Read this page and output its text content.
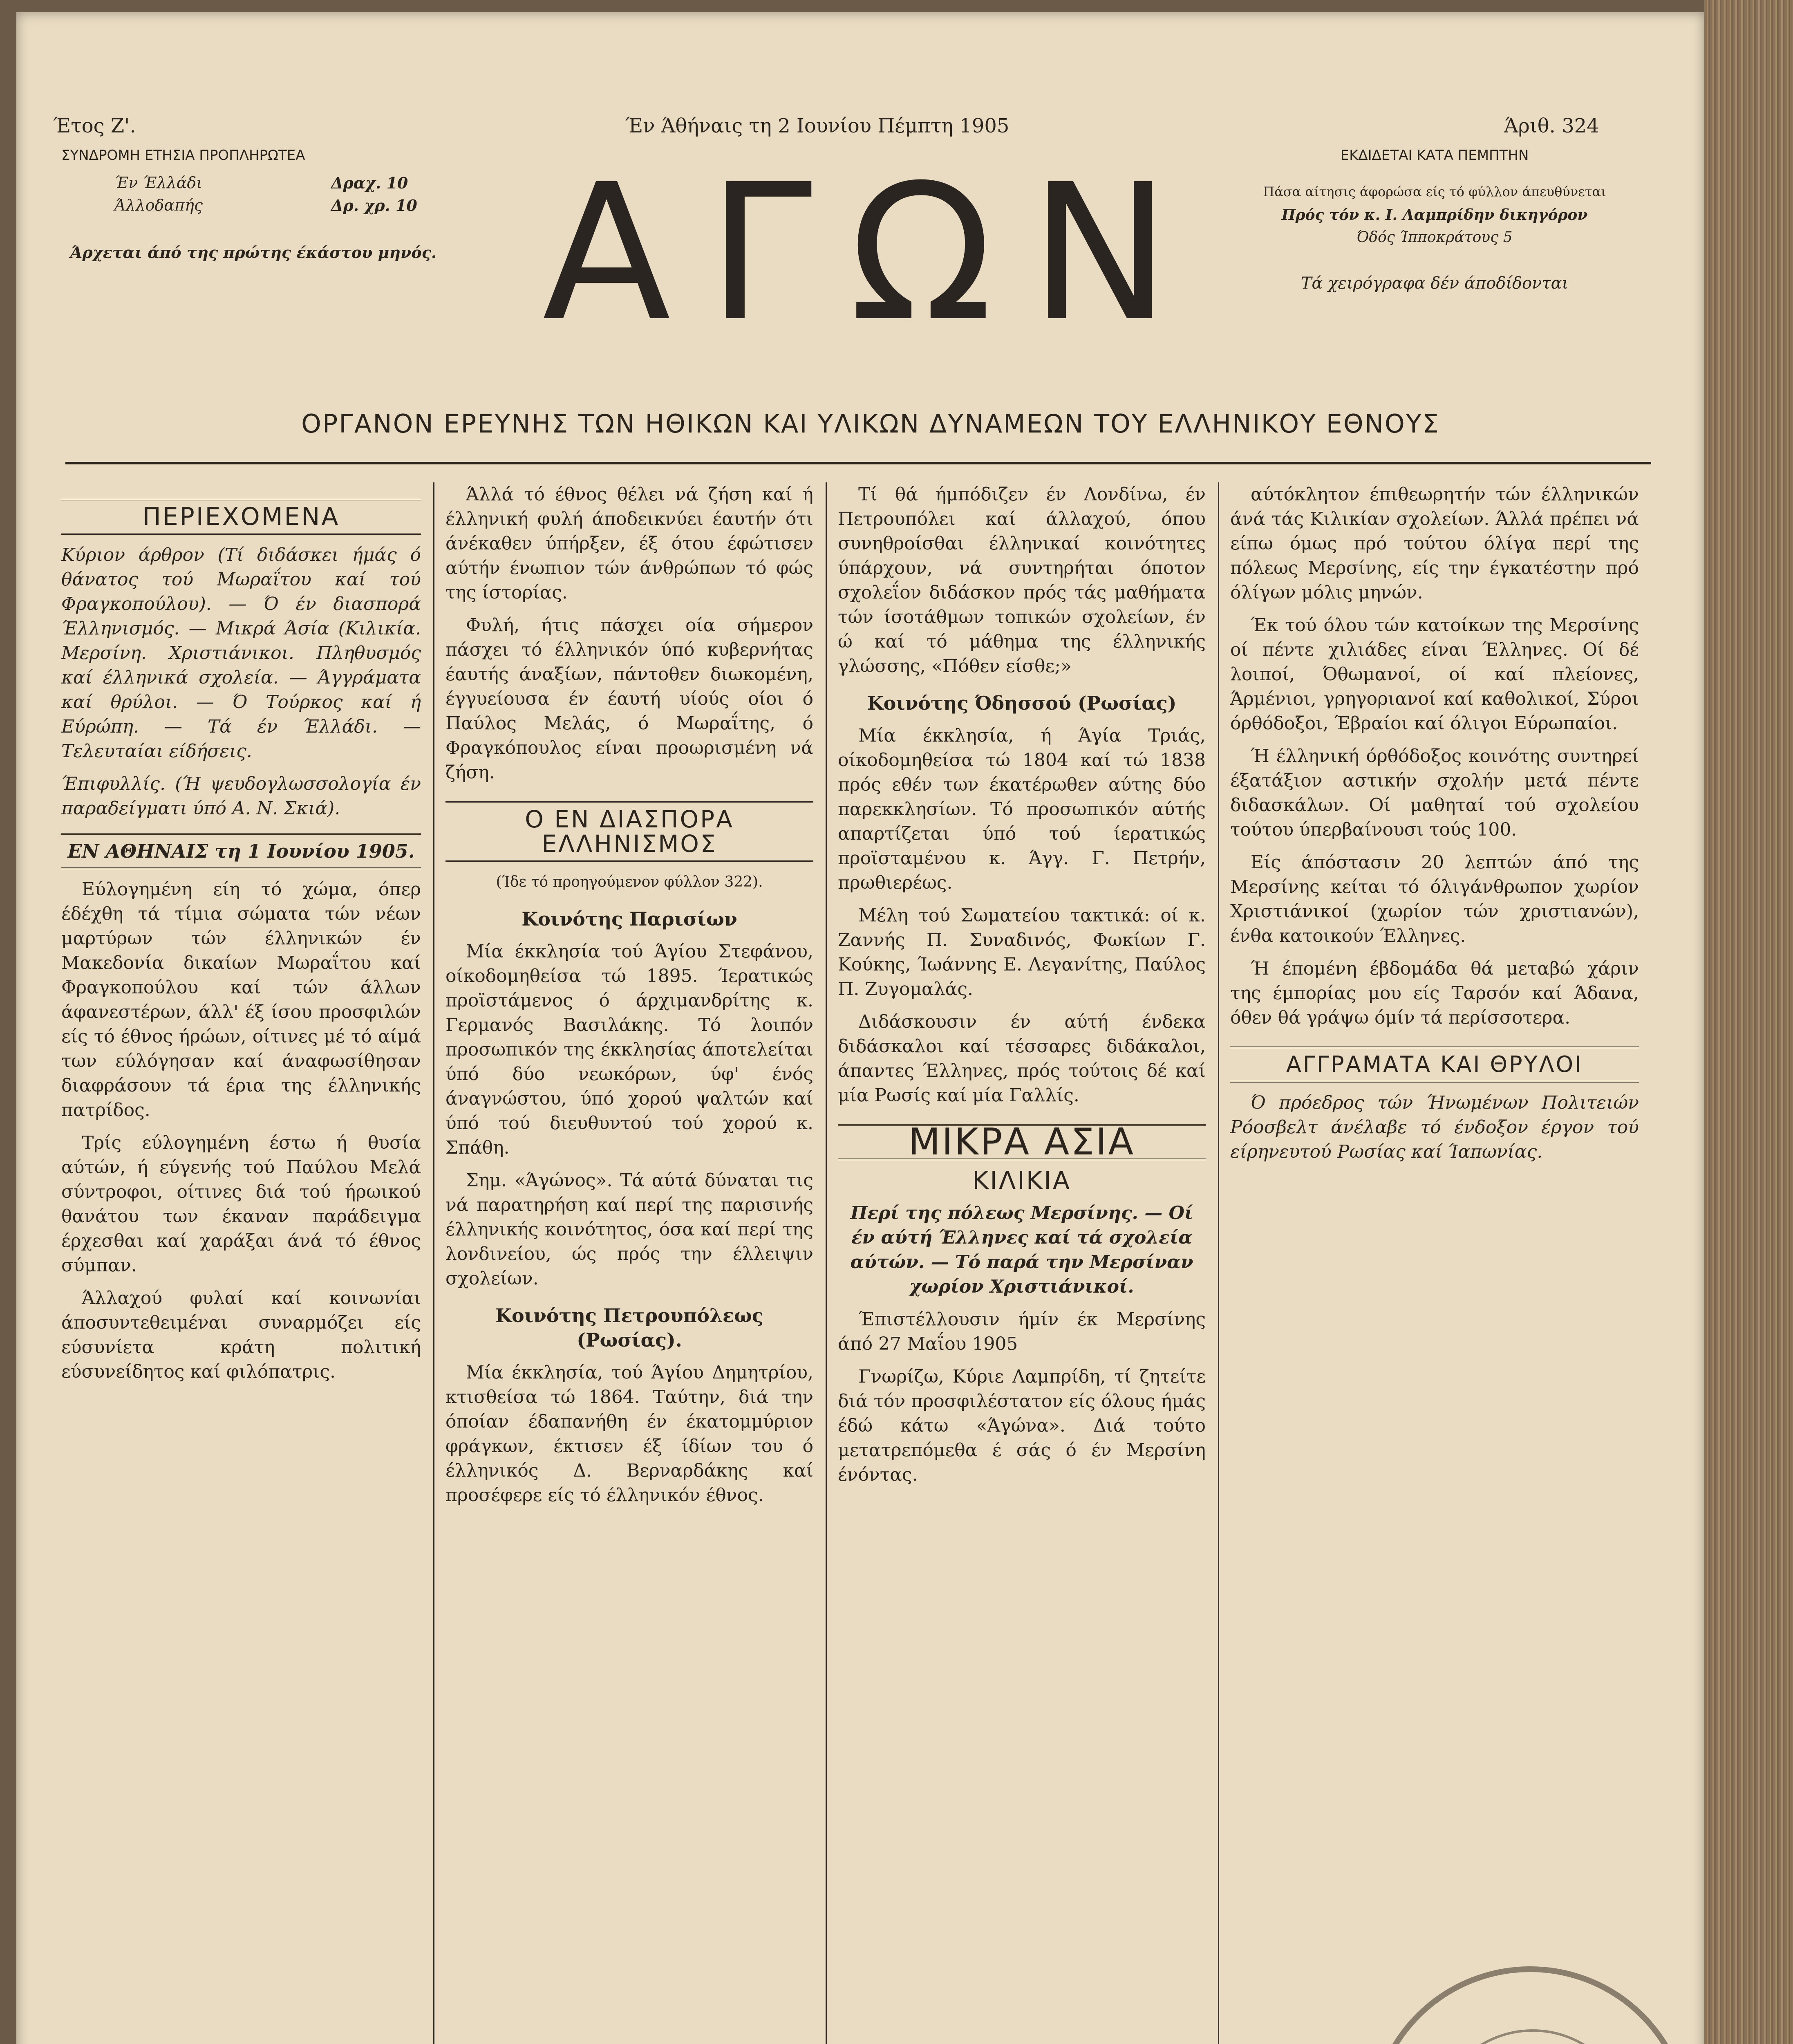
Έτος Ζ'.	Έν Άθήναις τη 2 Ιουνίου Πέμπτη 1905	Άριθ. 324
ΣΥΝΔΡΟΜΗ ΕΤΗΣΙΑ ΠΡΟΠΛΗΡΩΤΕΑ
Έν Έλλάδι	Δραχ. 10
Άλλοδαπής	Δρ. χρ. 10
Άρχεται άπό της πρώτης έκάστου μηνός. ΑΓΩΝ	ΕΚΔΙΔΕΤΑΙ ΚΑΤΑ ΠΕΜΠΤΗΝ
Πάσα αίτησις άφορώσα είς τό φύλλον άπευθύνεται
Πρός τόν κ. Ι. Λαμπρίδην δικηγόρον
Όδός Ίπποκράτους 5
Τά χειρόγραφα δέν άποδίδονται
ΟΡΓΑΝΟΝ ΕΡΕΥΝΗΣ ΤΩΝ ΗΘΙΚΩΝ ΚΑΙ ΥΛΙΚΩΝ ΔΥΝΑΜΕΩΝ ΤΟΥ ΕΛΛΗΝΙΚΟΥ ΕΘΝΟΥΣ
ΠΕΡΙΕΧΟΜΕΝΑ

Κύριον άρθρον (Τί διδάσκει ήμάς ό θάνατος τού Μωραΐτου καί τού Φραγκοπούλου). — Ό έν διασπορά Έλληνισμός. — Μικρά Άσία (Κιλικία. Μερσίνη. Χριστιάνικοι. Πληθυσμός καί έλληνικά σχολεία. — Άγγράματα καί θρύλοι. — Ό Τούρκος καί ή Εύρώπη. — Τά έν Έλλάδι. — Τελευταίαι είδήσεις.

Έπιφυλλίς. (Ή ψευδογλωσσολογία έν παραδείγματι ύπό Α. Ν. Σκιά).

ΕΝ ΑΘΗΝΑΙΣ τη 1 Ιουνίου 1905.

Εύλογημένη είη τό χώμα, όπερ έδέχθη τά τίμια σώματα τών νέων μαρτύρων τών έλληνικών έν Μακεδονία δικαίων Μωραΐτου καί Φραγκοπούλου καί τών άλλων άφανεστέρων, άλλ' έξ ίσου προσφιλών είς τό έθνος ήρώων, οίτινες μέ τό αίμά των εύλόγησαν καί άναφωσίθησαν διαφράσουν τά έρια της έλληνικής πατρίδος.

Τρίς εύλογημένη έστω ή θυσία αύτών, ή εύγενής τού Παύλου Μελά σύντροφοι, οίτινες διά τού ήρωικού θανάτου των έκαναν παράδειγμα έρχεσθαι καί χαράξαι άνά τό έθνος σύμπαν.

Άλλαχού φυλαί καί κοινωνίαι άποσυντεθειμέναι συναρμόζει είς εύσυνίετα κράτη πολιτική εύσυνείδητος καί φιλόπατρις.

Άλλά τό έθνος θέλει νά ζήση καί ή έλληνική φυλή άποδεικνύει έαυτήν ότι άνέκαθεν ύπήρξεν, έξ ότου έφώτισεν αύτήν ένωπιον τών άνθρώπων τό φώς της ίστορίας.

Φυλή, ήτις πάσχει οία σήμερον πάσχει τό έλληνικόν ύπό κυβερνήτας έαυτής άναξίων, πάντοθεν διωκομένη, έγγυείουσα έν έαυτή υίούς οίοι ό Παύλος Μελάς, ό Μωραΐτης, ό Φραγκόπουλος είναι προωρισμένη νά ζήση.

Ο ΕΝ ΔΙΑΣΠΟΡΑ ΕΛΛΗΝΙΣΜΟΣ

(Ίδε τό προηγούμενον φύλλον 322).

Κοινότης Παρισίων

Μία έκκλησία τού Άγίου Στεφάνου, οίκοδομηθείσα τώ 1895. Ίερατικώς προϊστάμενος ό άρχιμανδρίτης κ. Γερμανός Βασιλάκης. Τό λοιπόν προσωπικόν της έκκλησίας άποτελείται ύπό δύο νεωκόρων, ύφ' ένός άναγνώστου, ύπό χορού ψαλτών καί ύπό τού διευθυντού τού χορού κ. Σπάθη.

Σημ. «Άγώνος». Τά αύτά δύναται τις νά παρατηρήση καί περί της παρισινής έλληνικής κοινότητος, όσα καί περί της λονδινείου, ώς πρός την έλλειψιν σχολείων.

Κοινότης Πετρουπόλεως (Ρωσίας).

Μία έκκλησία, τού Άγίου Δημητρίου, κτισθείσα τώ 1864. Ταύτην, διά την όποίαν έδαπανήθη έν έκατομμύριον φράγκων, έκτισεν έξ ίδίων του ό έλληνικός Δ. Βερναρδάκης καί προσέφερε είς τό έλληνικόν έθνος.

Τί θά ήμπόδιζεν έν Λονδίνω, έν Πετρουπόλει καί άλλαχού, όπου συνηθροίσθαι έλληνικαί κοινότητες ύπάρχουν, νά συντηρήται όποτον σχολεΐον διδάσκον πρός τάς μαθήματα τών ίσοτάθμων τοπικών σχολείων, έν ώ καί τό μάθημα της έλληνικής γλώσσης, «Πόθεν είσθε;»

Κοινότης Όδησσού (Ρωσίας)

Μία έκκλησία, ή Άγία Τριάς, οίκοδομηθείσα τώ 1804 καί τώ 1838 πρός εθέν των έκατέρωθεν αύτης δύο παρεκκλησίων. Τό προσωπικόν αύτής απαρτίζεται ύπό τού ίερατικώς προϊσταμένου κ. Άγγ. Γ. Πετρήν, πρωθιερέως.

Μέλη τού Σωματείου τακτικά: οί κ. Ζαννής Π. Συναδινός, Φωκίων Γ. Κούκης, Ίωάννης Ε. Λεγανίτης, Παύλος Π. Ζυγομαλάς.

Διδάσκουσιν έν αύτή ένδεκα διδάσκαλοι καί τέσσαρες διδάκαλοι, άπαντες Έλληνες, πρός τούτοις δέ καί μία Ρωσίς καί μία Γαλλίς.

ΜΙΚΡΑ ΑΣΙΑ
ΚΙΛΙΚΙΑ

Περί της πόλεως Μερσίνης. — Οί έν αύτή Έλληνες καί τά σχολεία αύτών. — Τό παρά την Μερσίναν χωρίον Χριστιάνικοί.

Έπιστέλλουσιν ήμίν έκ Μερσίνης άπό 27 Μαΐου 1905

Γνωρίζω, Κύριε Λαμπρίδη, τί ζητείτε διά τόν προσφιλέστατον είς όλους ήμάς έδώ κάτω «Άγώνα». Διά τούτο μετατρεπόμεθα έ σάς ό έν Μερσίνη ένόντας.

αύτόκλητον έπιθεωρητήν τών έλληνικών άνά τάς Κιλικίαν σχολείων. Άλλά πρέπει νά είπω όμως πρό τούτου όλίγα περί της πόλεως Μερσίνης, είς την έγκατέστην πρό όλίγων μόλις μηνών.

Έκ τού όλου τών κατοίκων της Μερσίνης οί πέντε χιλιάδες είναι Έλληνες. Οί δέ λοιποί, Όθωμανοί, οί καί πλείονες, Άρμένιοι, γρηγοριανοί καί καθολικοί, Σύροι όρθόδοξοι, Έβραίοι καί όλιγοι Εύρωπαίοι.

Ή έλληνική όρθόδοξος κοινότης συντηρεί έξατάξιον αστικήν σχολήν μετά πέντε διδασκάλων. Οί μαθηταί τού σχολείου τούτου ύπερβαίνουσι τούς 100.

Είς άπόστασιν 20 λεπτών άπό της Μερσίνης κείται τό όλιγάνθρωπον χωρίον Χριστιάνικοί (χωρίον τών χριστιανών), ένθα κατοικούν Έλληνες.

Ή έπομένη έβδομάδα θά μεταβώ χάριν της έμπορίας μου είς Ταρσόν καί Άδανα, όθεν θά γράψω όμίν τά περίσσοτερα.

ΑΓΓΡΑΜΑΤΑ ΚΑΙ ΘΡΥΛΟΙ

Ό πρόεδρος τών Ήνωμένων Πολιτειών Ρόοσβελτ άνέλαβε τό ένδοξον έργον τού είρηνευτού Ρωσίας καί Ίαπωνίας.
